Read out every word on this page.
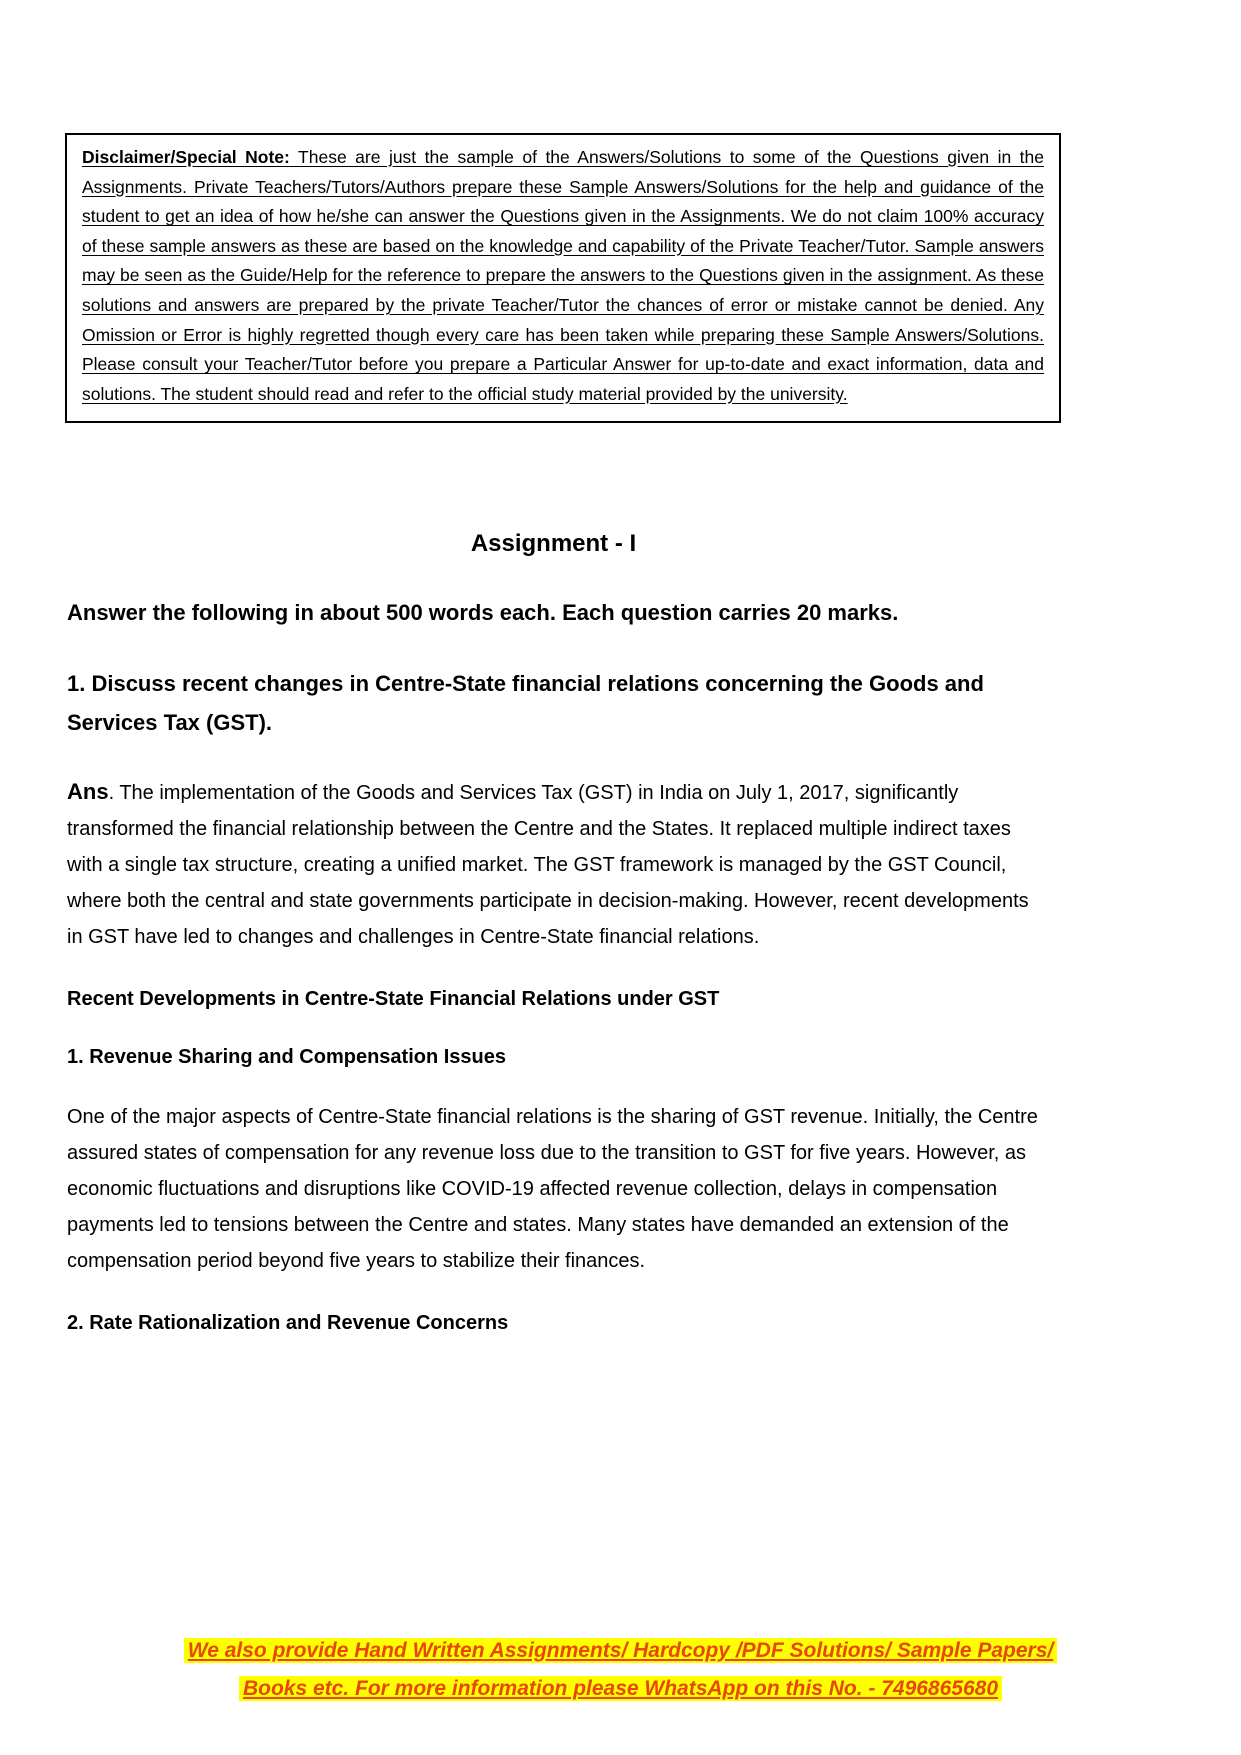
Disclaimer/Special Note: These are just the sample of the Answers/Solutions to some of the Questions given in the Assignments. Private Teachers/Tutors/Authors prepare these Sample Answers/Solutions for the help and guidance of the student to get an idea of how he/she can answer the Questions given in the Assignments. We do not claim 100% accuracy of these sample answers as these are based on the knowledge and capability of the Private Teacher/Tutor. Sample answers may be seen as the Guide/Help for the reference to prepare the answers to the Questions given in the assignment. As these solutions and answers are prepared by the private Teacher/Tutor the chances of error or mistake cannot be denied. Any Omission or Error is highly regretted though every care has been taken while preparing these Sample Answers/Solutions. Please consult your Teacher/Tutor before you prepare a Particular Answer for up-to-date and exact information, data and solutions. The student should read and refer to the official study material provided by the university.

Assignment - I

Answer the following in about 500 words each. Each question carries 20 marks.

1. Discuss recent changes in Centre-State financial relations concerning the Goods and Services Tax (GST).

Ans. The implementation of the Goods and Services Tax (GST) in India on July 1, 2017, significantly transformed the financial relationship between the Centre and the States. It replaced multiple indirect taxes with a single tax structure, creating a unified market. The GST framework is managed by the GST Council, where both the central and state governments participate in decision-making. However, recent developments in GST have led to changes and challenges in Centre-State financial relations.

Recent Developments in Centre-State Financial Relations under GST

1. Revenue Sharing and Compensation Issues

One of the major aspects of Centre-State financial relations is the sharing of GST revenue. Initially, the Centre assured states of compensation for any revenue loss due to the transition to GST for five years. However, as economic fluctuations and disruptions like COVID-19 affected revenue collection, delays in compensation payments led to tensions between the Centre and states. Many states have demanded an extension of the compensation period beyond five years to stabilize their finances.

2. Rate Rationalization and Revenue Concerns

We also provide Hand Written Assignments/ Hardcopy /PDF Solutions/ Sample Papers/
Books etc. For more information please WhatsApp on this No. - 7496865680
